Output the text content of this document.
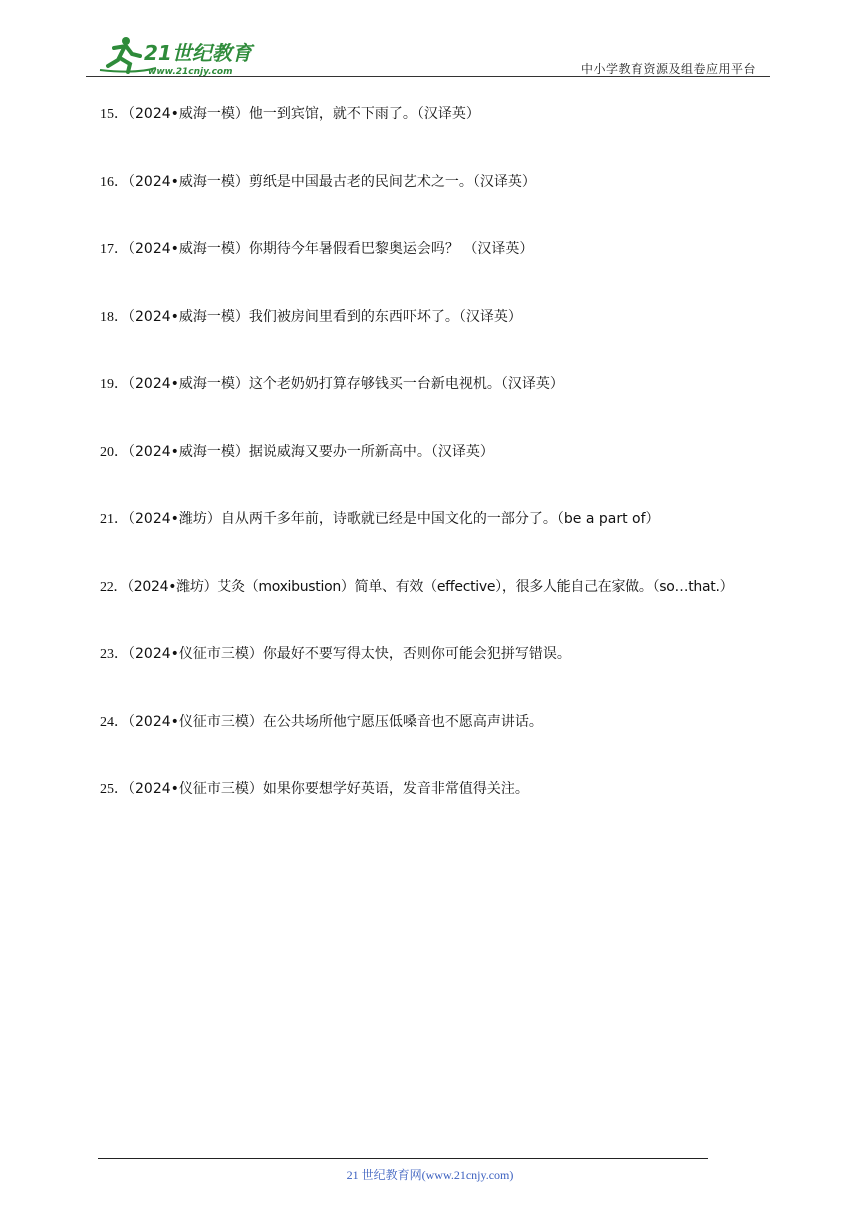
21世纪教育
www.21cnjy.com	中小学教育资源及组卷应用平台
15．（2024•威海一模）他一到宾馆，就不下雨了。（汉译英）
16．（2024•威海一模）剪纸是中国最古老的民间艺术之一。（汉译英）
17．（2024•威海一模）你期待今年暑假看巴黎奥运会吗？ （汉译英）
18．（2024•威海一模）我们被房间里看到的东西吓坏了。（汉译英）
19．（2024•威海一模）这个老奶奶打算存够钱买一台新电视机。（汉译英）
20．（2024•威海一模）据说威海又要办一所新高中。（汉译英）
21．（2024•潍坊）自从两千多年前，诗歌就已经是中国文化的一部分了。（be a part of）
22．（2024•潍坊）艾灸（moxibustion）简单、有效（effective），很多人能自己在家做。（so…that.）
23．（2024•仪征市三模）你最好不要写得太快，否则你可能会犯拼写错误。
24．（2024•仪征市三模）在公共场所他宁愿压低嗓音也不愿高声讲话。
25．（2024•仪征市三模）如果你要想学好英语，发音非常值得关注。
21 世纪教育网(www.21cnjy.com)
